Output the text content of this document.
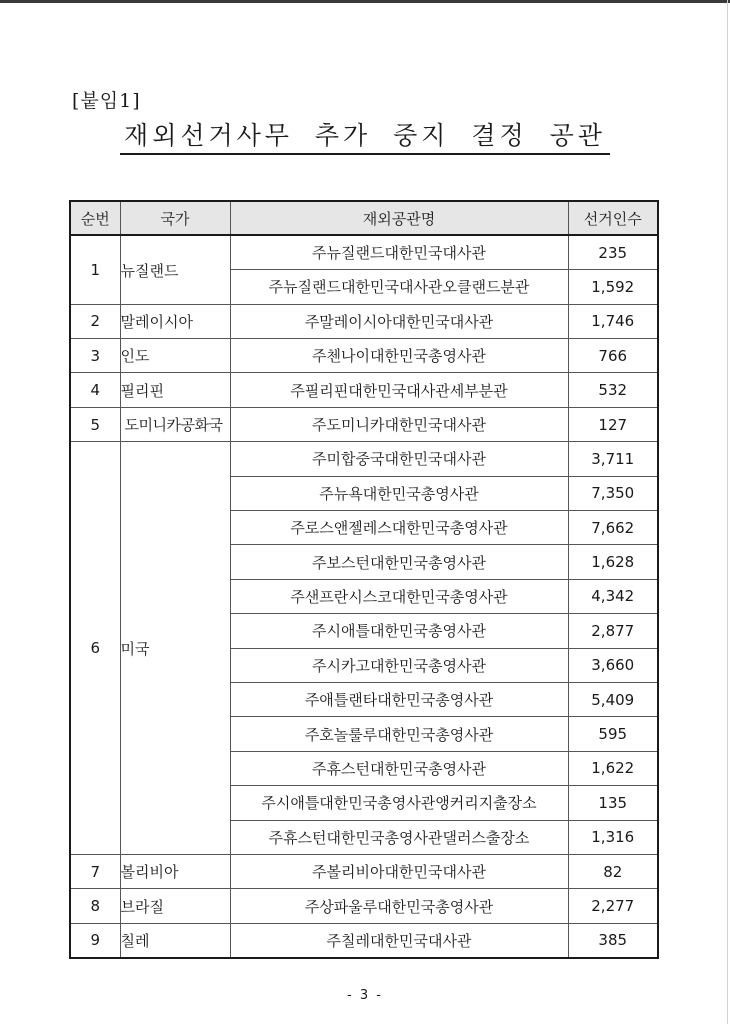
[붙임1]
재외선거사무 추가 중지 결정 공관
순번	국가	재외공관명	선거인수
1	뉴질랜드	주뉴질랜드대한민국대사관	235
		주뉴질랜드대한민국대사관오클랜드분관	1,592
2	말레이시아	주말레이시아대한민국대사관	1,746
3	인도	주첸나이대한민국총영사관	766
4	필리핀	주필리핀대한민국대사관세부분관	532
5	도미니카공화국	주도미니카대한민국대사관	127
6	미국	주미합중국대한민국대사관	3,711
		주뉴욕대한민국총영사관	7,350
		주로스앤젤레스대한민국총영사관	7,662
		주보스턴대한민국총영사관	1,628
		주샌프란시스코대한민국총영사관	4,342
		주시애틀대한민국총영사관	2,877
		주시카고대한민국총영사관	3,660
		주애틀랜타대한민국총영사관	5,409
		주호놀룰루대한민국총영사관	595
		주휴스턴대한민국총영사관	1,622
		주시애틀대한민국총영사관앵커리지출장소	135
		주휴스턴대한민국총영사관댈러스출장소	1,316
7	볼리비아	주볼리비아대한민국대사관	82
8	브라질	주상파울루대한민국총영사관	2,277
9	칠레	주칠레대한민국대사관	385
- 3 -
